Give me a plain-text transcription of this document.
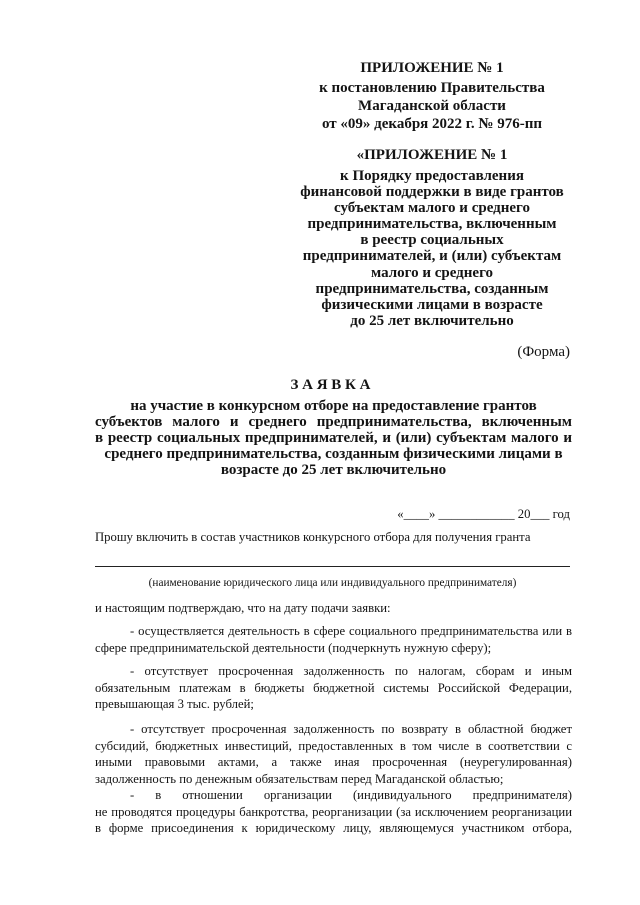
ПРИЛОЖЕНИЕ № 1
к постановлению Правительства
Магаданской области
от «09» декабря 2022 г. № 976-пп
«ПРИЛОЖЕНИЕ № 1
к Порядку предоставления
финансовой поддержки в виде грантов
субъектам малого и среднего
предпринимательства, включенным
в реестр социальных
предпринимателей, и (или) субъектам
малого и среднего
предпринимательства, созданным
физическими лицами в возрасте
до 25 лет включительно
(Форма)
З А Я В К А
на участие в конкурсном отборе на предоставление грантов
субъектов малого и среднего предпринимательства, включенным
в реестр социальных предпринимателей, и (или) субъектам малого и
среднего предпринимательства, созданным физическими лицами в
возрасте до 25 лет включительно
«____» ____________ 20___ год
Прошу включить в состав участников конкурсного отбора для получения гранта
(наименование юридического лица или индивидуального предпринимателя)
и настоящим подтверждаю, что на дату подачи заявки:
- осуществляется деятельность в сфере социального предпринимательства или в
сфере предпринимательской деятельности (подчеркнуть нужную сферу);
- отсутствует просроченная задолженность по налогам, сборам и иным
обязательным платежам в бюджеты бюджетной системы Российской Федерации,
превышающая 3 тыс. рублей;
- отсутствует просроченная задолженность по возврату в областной бюджет
субсидий, бюджетных инвестиций, предоставленных в том числе в соответствии с
иными правовыми актами, а также иная просроченная (неурегулированная)
задолженность по денежным обязательствам перед Магаданской областью;
- в отношении организации (индивидуального предпринимателя)
не проводятся процедуры банкротства, реорганизации (за исключением реорганизации
в форме присоединения к юридическому лицу, являющемуся участником отбора,
